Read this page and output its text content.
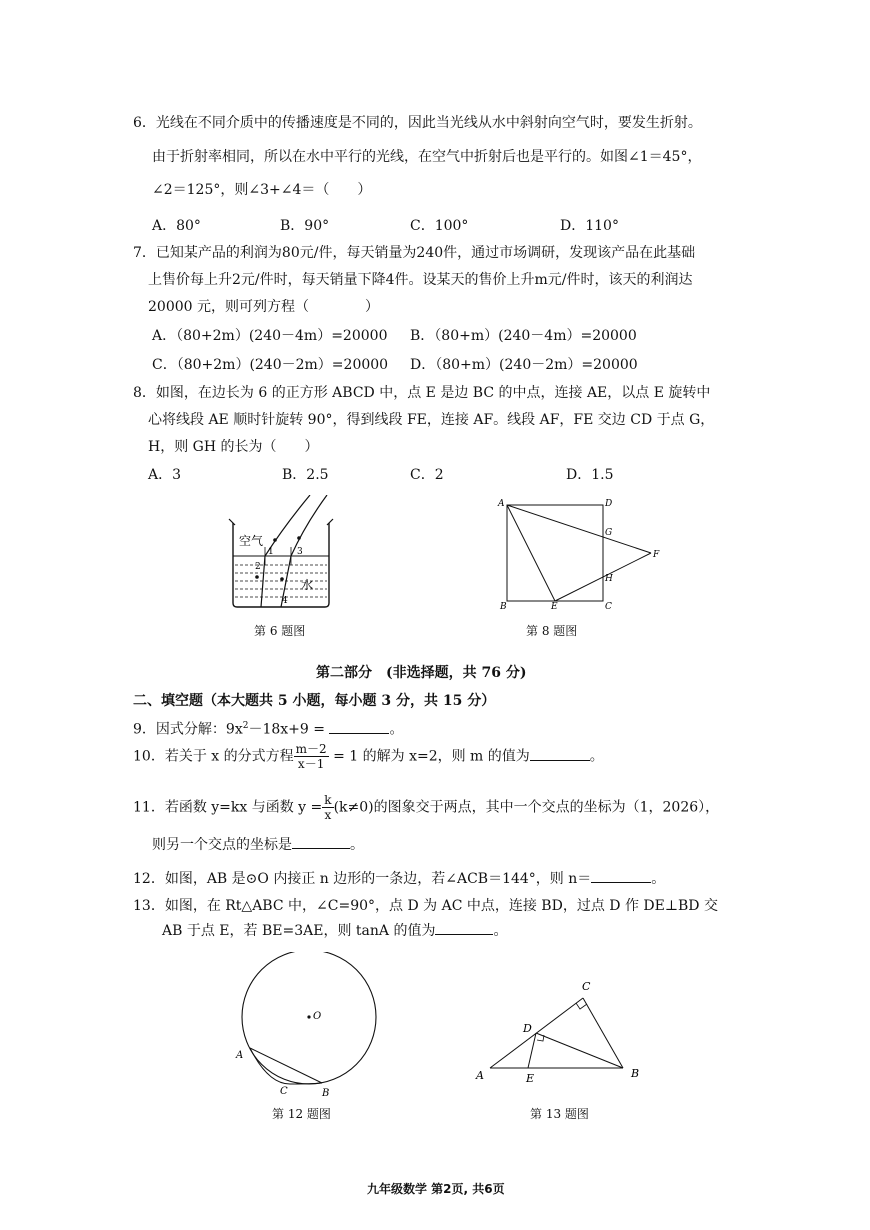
6．光线在不同介质中的传播速度是不同的，因此当光线从水中斜射向空气时，要发生折射。
由于折射率相同，所以在水中平行的光线，在空气中折射后也是平行的。如图∠1＝45°，
∠2＝125°，则∠3+∠4＝（　　）
A．80°	B．90°	C．100°	D．110°
7．已知某产品的利润为80元/件，每天销量为240件，通过市场调研，发现该产品在此基础
上售价每上升2元/件时，每天销量下降4件。设某天的售价上升m元/件时，该天的利润达
20000 元，则可列方程（　　　　）
A．（80+2m）(240－4m）=20000 B．（80+m）(240－4m）=20000
C．（80+2m）(240－2m）=20000 D．（80+m）(240－2m）=20000
8．如图，在边长为 6 的正方形 ABCD 中，点 E 是边 BC 的中点，连接 AE，以点 E 旋转中
心将线段 AE 顺时针旋转 90°，得到线段 FE，连接 AF。线段 AF，FE 交边 CD 于点 G，
H，则 GH 的长为（　　）
A．3	B．2.5	C．2	D．1.5
空气
水
1
2
3
4
第 6 题图
A	D
G
F
H
B	E	C
第 8 题图
第二部分　(非选择题，共 76 分)
二、填空题（本大题共 5 小题，每小题 3 分，共 15 分）
9．因式分解：$9x^2-18x+9$ =	。
10．若关于 x 的分式方程 $\frac{m-2}{x-1} = 1$ 的解为 x=2，则 m 的值为	。
11．若函数 y=kx 与函数 $y = \frac{k}{x} (k\ne 0)$的图象交于两点，其中一个交点的坐标为（1，2026），
则另一个交点的坐标是	。
12．如图，AB 是⊙O 内接正 n 边形的一条边，若∠ACB＝144°，则 n＝	。
13．如图，在 Rt△ABC 中，∠C=90°，点 D 为 AC 中点，连接 BD，过点 D 作 DE⊥BD 交
AB 于点 E，若 BE=3AE，则 tanA 的值为	。
O
A
C	B
第 12 题图
C
D
A	E	B
第 13 题图
九年级数学 第2页, 共6页
